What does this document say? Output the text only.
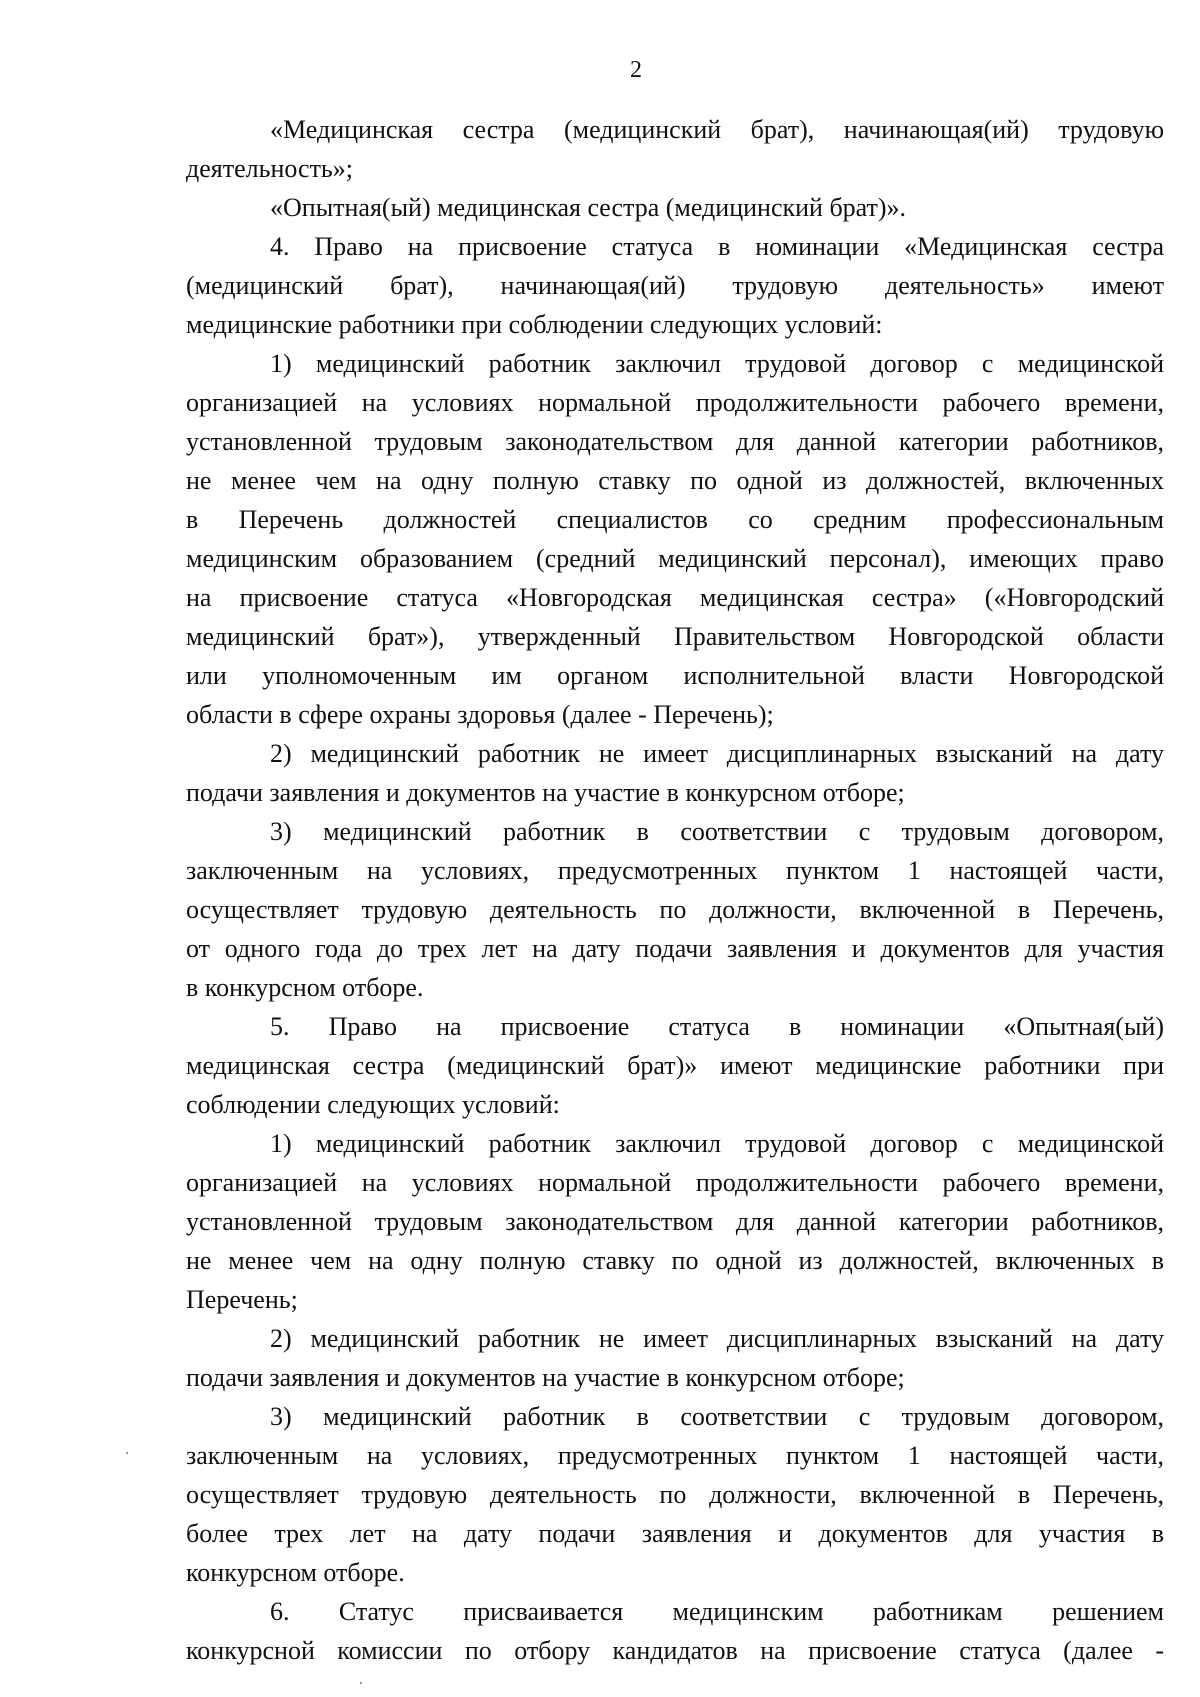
2
«Медицинская сестра (медицинский брат), начинающая(ий) трудовую
деятельность»;
«Опытная(ый) медицинская сестра (медицинский брат)».
4. Право на присвоение статуса в номинации «Медицинская сестра
(медицинский брат), начинающая(ий) трудовую деятельность» имеют
медицинские работники при соблюдении следующих условий:
1) медицинский работник заключил трудовой договор с медицинской
организацией на условиях нормальной продолжительности рабочего времени,
установленной трудовым законодательством для данной категории работников,
не менее чем на одну полную ставку по одной из должностей, включенных
в Перечень должностей специалистов со средним профессиональным
медицинским образованием (средний медицинский персонал), имеющих право
на присвоение статуса «Новгородская медицинская сестра» («Новгородский
медицинский брат»), утвержденный Правительством Новгородской области
или уполномоченным им органом исполнительной власти Новгородской
области в сфере охраны здоровья (далее - Перечень);
2) медицинский работник не имеет дисциплинарных взысканий на дату
подачи заявления и документов на участие в конкурсном отборе;
3) медицинский работник в соответствии с трудовым договором,
заключенным на условиях, предусмотренных пунктом 1 настоящей части,
осуществляет трудовую деятельность по должности, включенной в Перечень,
от одного года до трех лет на дату подачи заявления и документов для участия
в конкурсном отборе.
5. Право на присвоение статуса в номинации «Опытная(ый)
медицинская сестра (медицинский брат)» имеют медицинские работники при
соблюдении следующих условий:
1) медицинский работник заключил трудовой договор с медицинской
организацией на условиях нормальной продолжительности рабочего времени,
установленной трудовым законодательством для данной категории работников,
не менее чем на одну полную ставку по одной из должностей, включенных в
Перечень;
2) медицинский работник не имеет дисциплинарных взысканий на дату
подачи заявления и документов на участие в конкурсном отборе;
3) медицинский работник в соответствии с трудовым договором,
заключенным на условиях, предусмотренных пунктом 1 настоящей части,
осуществляет трудовую деятельность по должности, включенной в Перечень,
более трех лет на дату подачи заявления и документов для участия в
конкурсном отборе.
6. Статус присваивается медицинским работникам решением
конкурсной комиссии по отбору кандидатов на присвоение статуса (далее -
